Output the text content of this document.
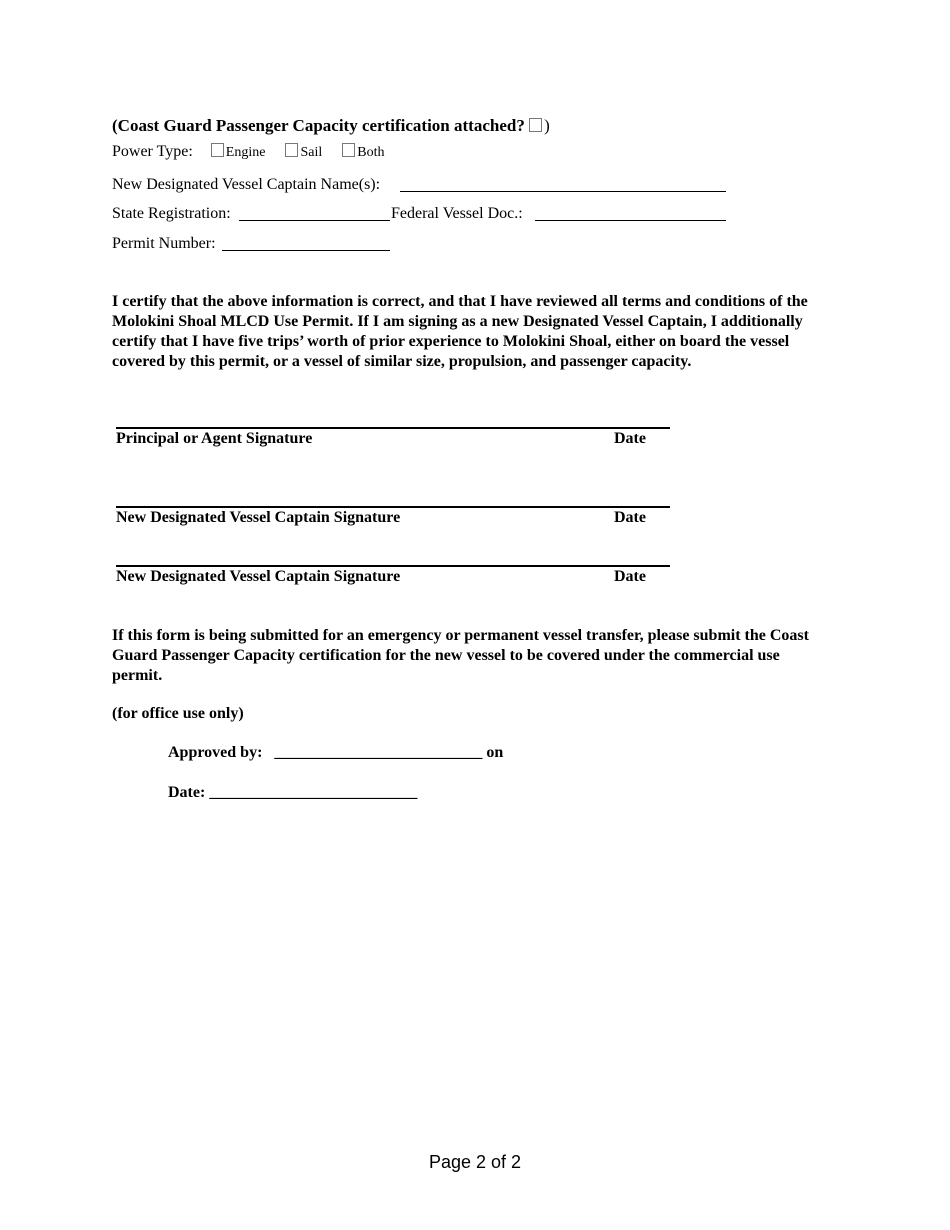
(Coast Guard Passenger Capacity certification attached? )
Power Type: Engine	Sail	Both
New Designated Vessel Captain Name(s):
State Registration:	Federal Vessel Doc.:
Permit Number:
I certify that the above information is correct, and that I have reviewed all terms and conditions of the Molokini Shoal MLCD Use Permit. If I am signing as a new Designated Vessel Captain, I additionally certify that I have five trips’ worth of prior experience to Molokini Shoal, either on board the vessel covered by this permit, or a vessel of similar size, propulsion, and passenger capacity.
Principal or Agent Signature	Date
New Designated Vessel Captain Signature	Date
New Designated Vessel Captain Signature	Date
If this form is being submitted for an emergency or permanent vessel transfer, please submit the Coast Guard Passenger Capacity certification for the new vessel to be covered under the commercial use permit.
(for office use only)
Approved by: __________________________ on
Date: __________________________
Page 2 of 2
